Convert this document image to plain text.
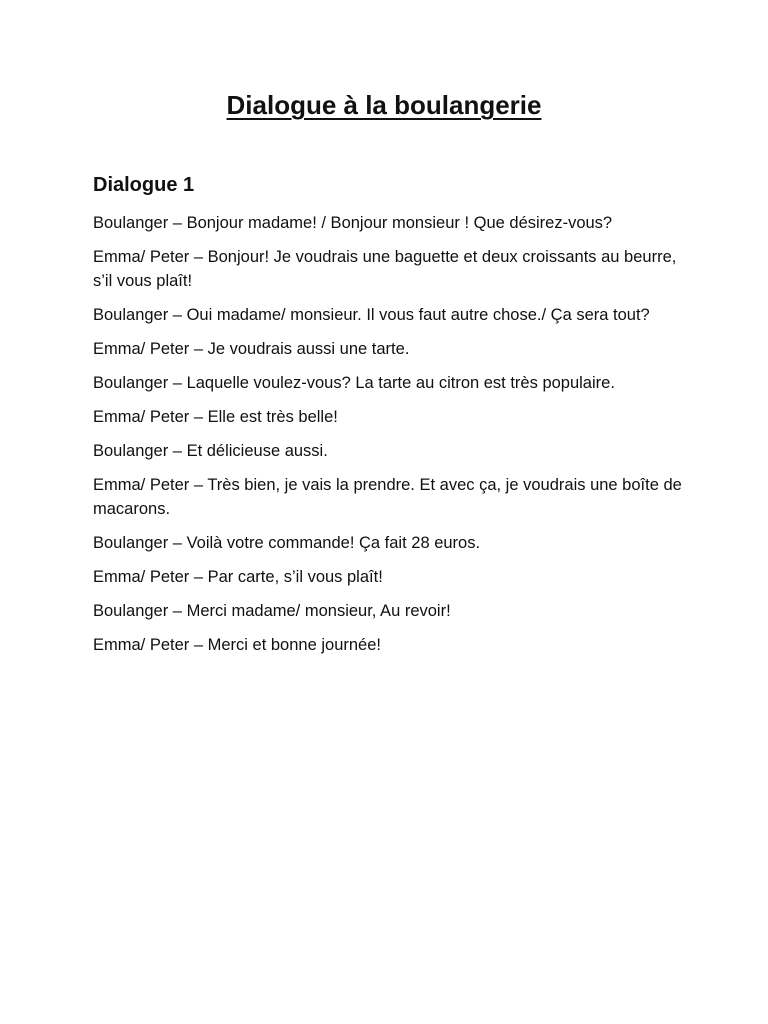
Dialogue à la boulangerie
Dialogue 1
Boulanger – Bonjour madame! / Bonjour monsieur ! Que désirez-vous?
Emma/ Peter – Bonjour! Je voudrais une baguette et deux croissants au beurre, s’il vous plaît!
Boulanger – Oui madame/ monsieur. Il vous faut autre chose./ Ça sera tout?
Emma/ Peter – Je voudrais aussi une tarte.
Boulanger – Laquelle voulez-vous? La tarte au citron est très populaire.
Emma/ Peter – Elle est très belle!
Boulanger – Et délicieuse aussi.
Emma/ Peter – Très bien, je vais la prendre. Et avec ça, je voudrais une boîte de macarons.
Boulanger – Voilà votre commande! Ça fait 28 euros.
Emma/ Peter – Par carte, s’il vous plaît!
Boulanger – Merci madame/ monsieur, Au revoir!
Emma/ Peter – Merci et bonne journée!
